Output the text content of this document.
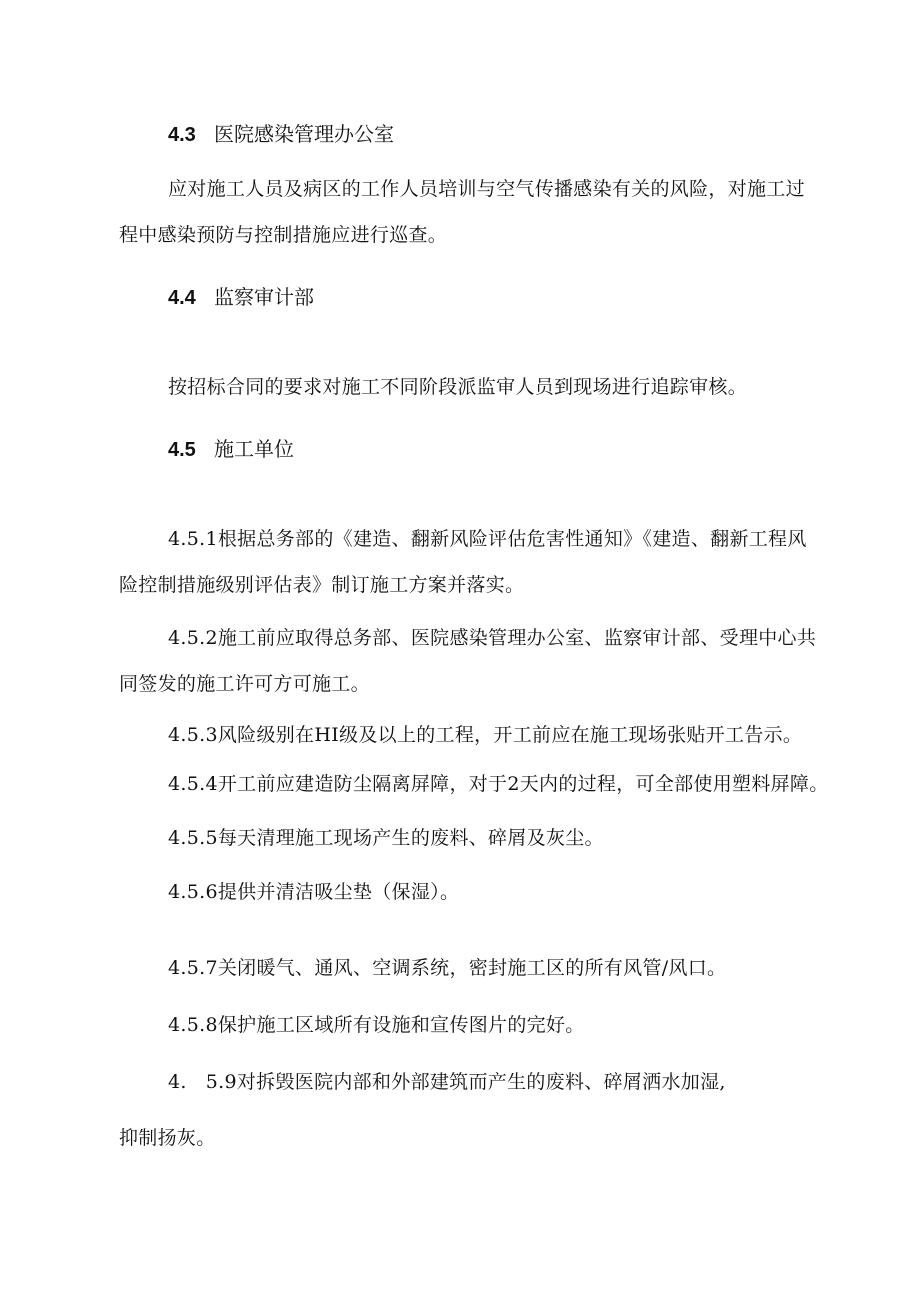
4.3 医院感染管理办公室
应对施工人员及病区的工作人员培训与空气传播感染有关的风险，对施工过
程中感染预防与控制措施应进行巡查。
4.4 监察审计部
按招标合同的要求对施工不同阶段派监审人员到现场进行追踪审核。
4.5 施工单位
4.5.1根据总务部的《建造、翻新风险评估危害性通知》《建造、翻新工程风
险控制措施级别评估表》制订施工方案并落实。
4.5.2施工前应取得总务部、医院感染管理办公室、监察审计部、受理中心共
同签发的施工许可方可施工。
4.5.3风险级别在HI级及以上的工程，开工前应在施工现场张贴开工告示。
4.5.4开工前应建造防尘隔离屏障，对于2天内的过程，可全部使用塑料屏障。
4.5.5每天清理施工现场产生的废料、碎屑及灰尘。
4.5.6提供并清洁吸尘垫（保湿）。
4.5.7关闭暖气、通风、空调系统，密封施工区的所有风管/风口。
4.5.8保护施工区域所有设施和宣传图片的完好。
4.   5.9对拆毁医院内部和外部建筑而产生的废料、碎屑洒水加湿,
抑制扬灰。
